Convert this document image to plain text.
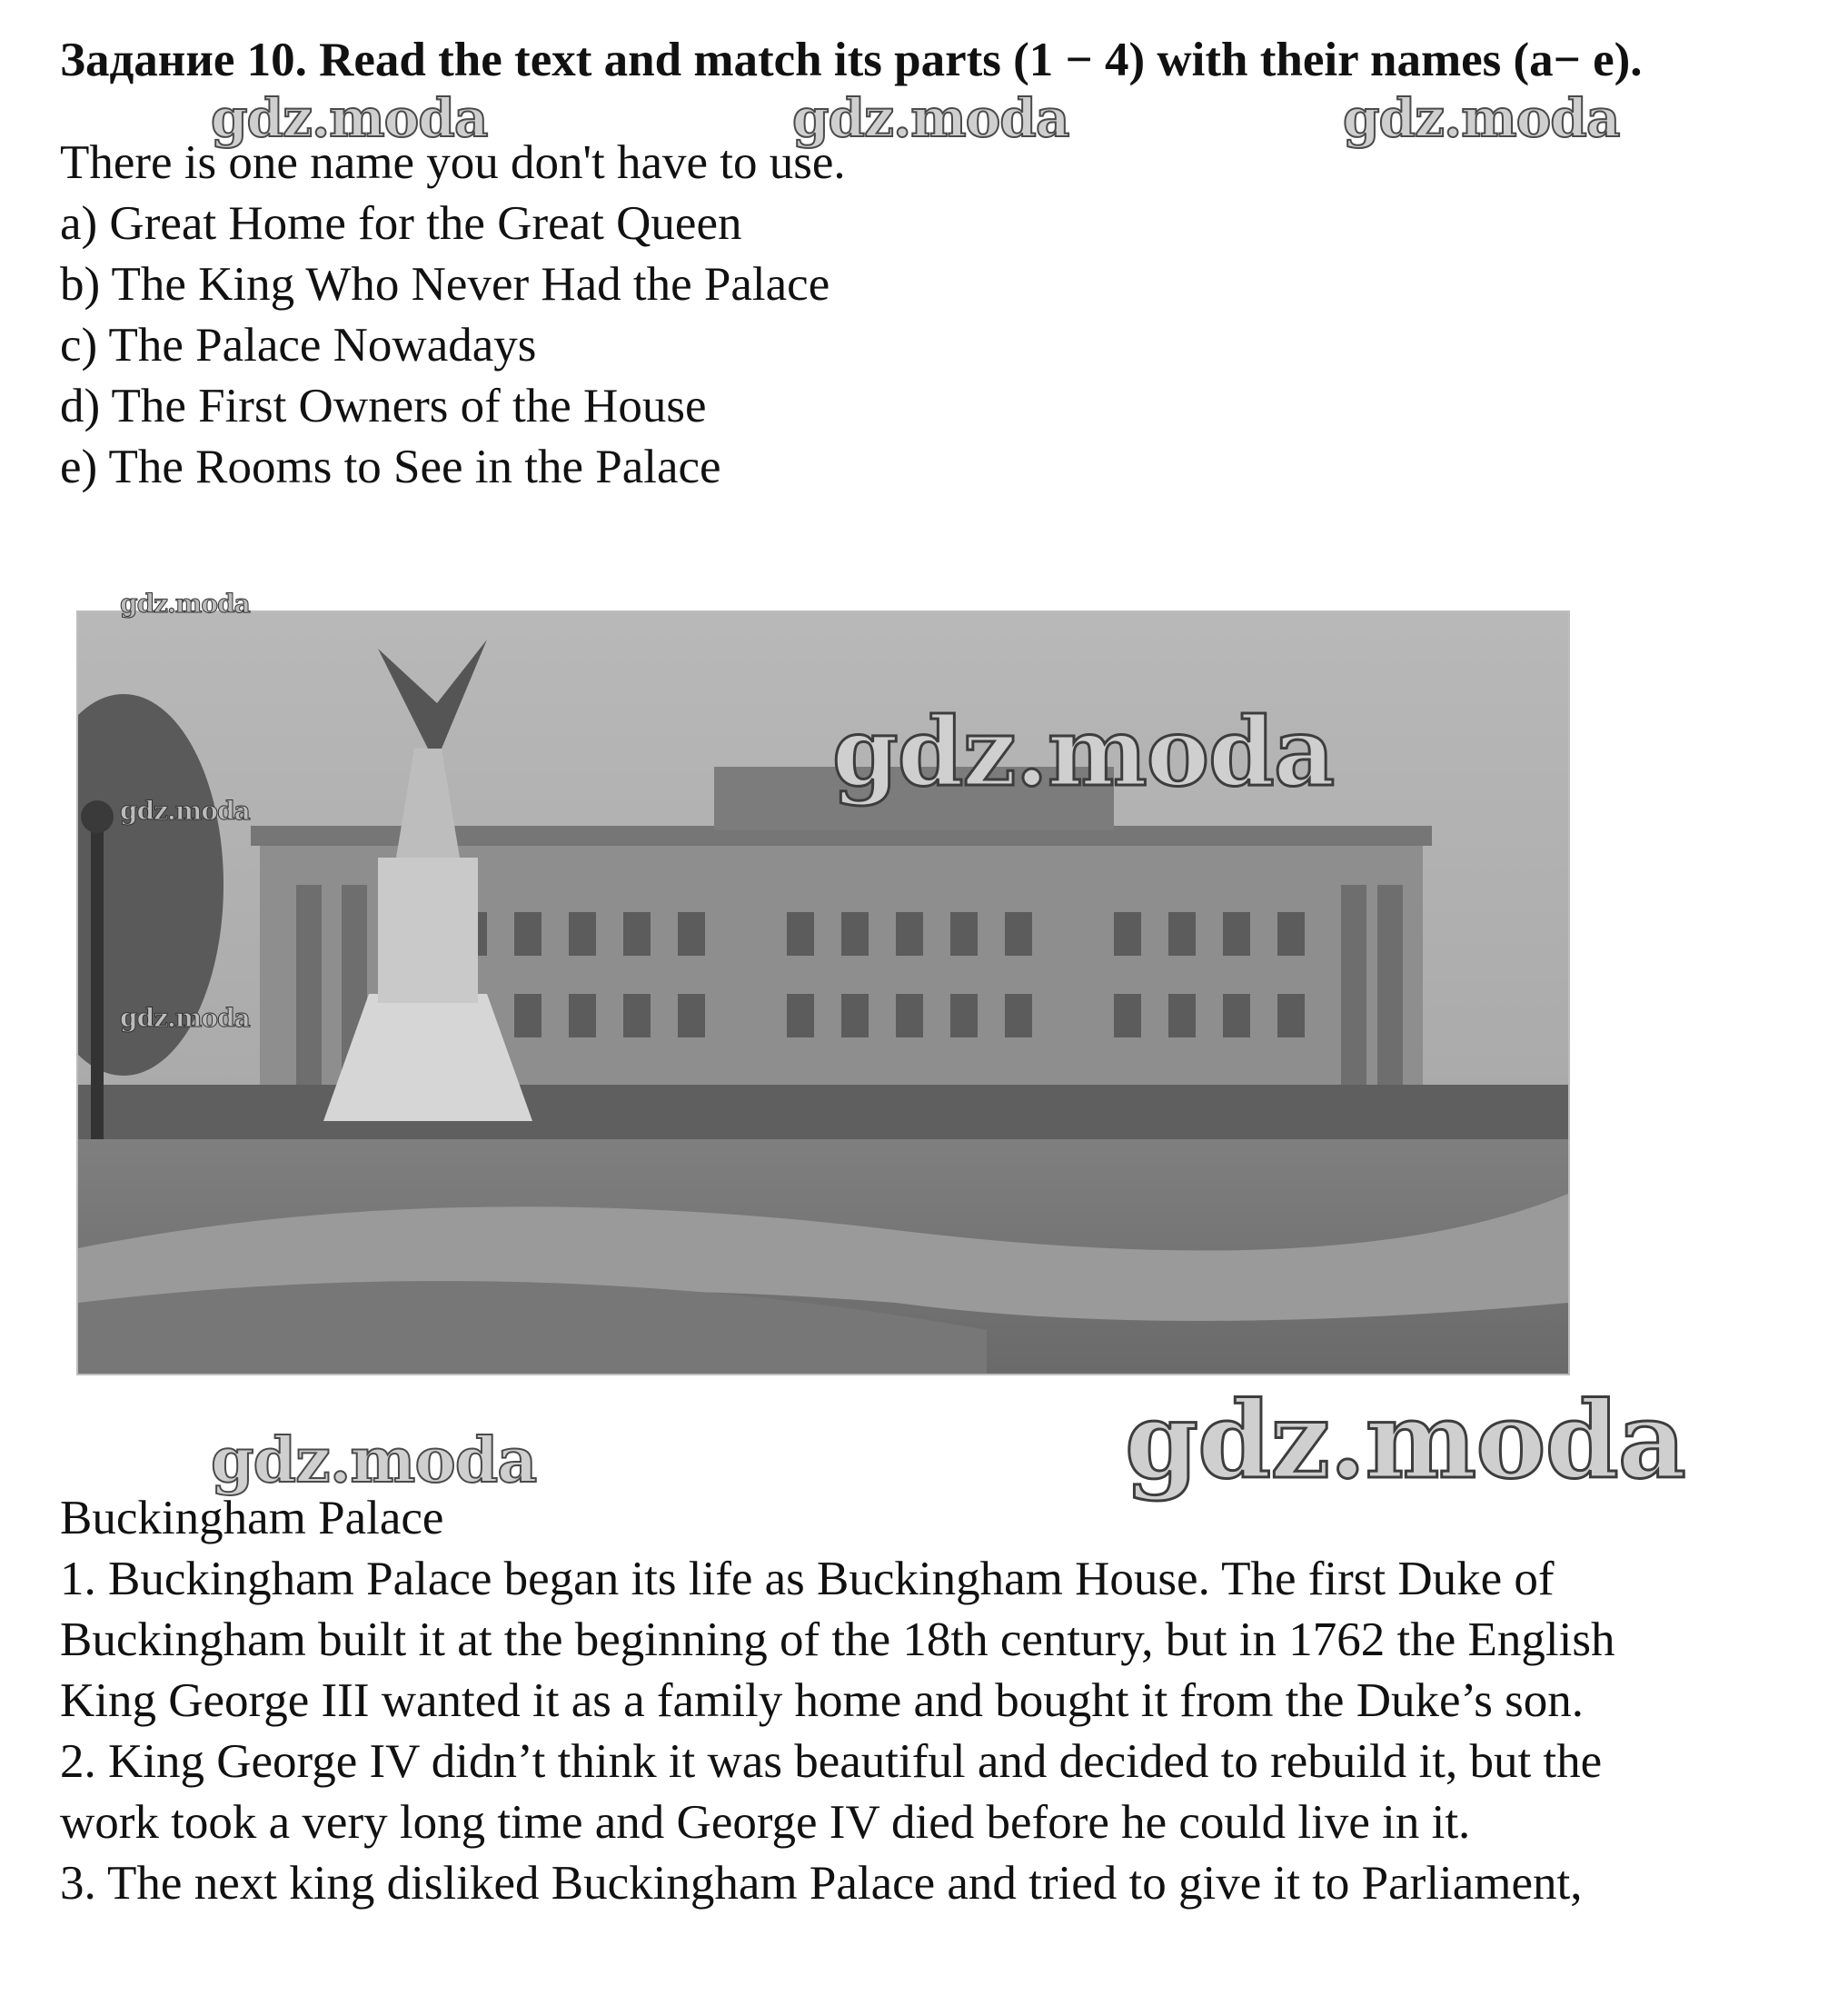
Задание 10. Read the text and match its parts (1 − 4) with their names (a− e).
There is one name you don't have to use.
a) Great Home for the Great Queen
b) The King Who Never Had the Palace
c) The Palace Nowadays
d) The First Owners of the House
e) The Rooms to See in the Palace
gdz.moda	gdz.moda	gdz.moda
gdz.moda
gdz.moda
gdz.moda
gdz.moda
gdz.moda	gdz.moda
Buckingham Palace
1. Buckingham Palace began its life as Buckingham House. The first Duke of
Buckingham built it at the beginning of the 18th century, but in 1762 the English
King George III wanted it as a family home and bought it from the Duke’s son.
2. King George IV didn’t think it was beautiful and decided to rebuild it, but the
work took a very long time and George IV died before he could live in it.
3. The next king disliked Buckingham Palace and tried to give it to Parliament,
